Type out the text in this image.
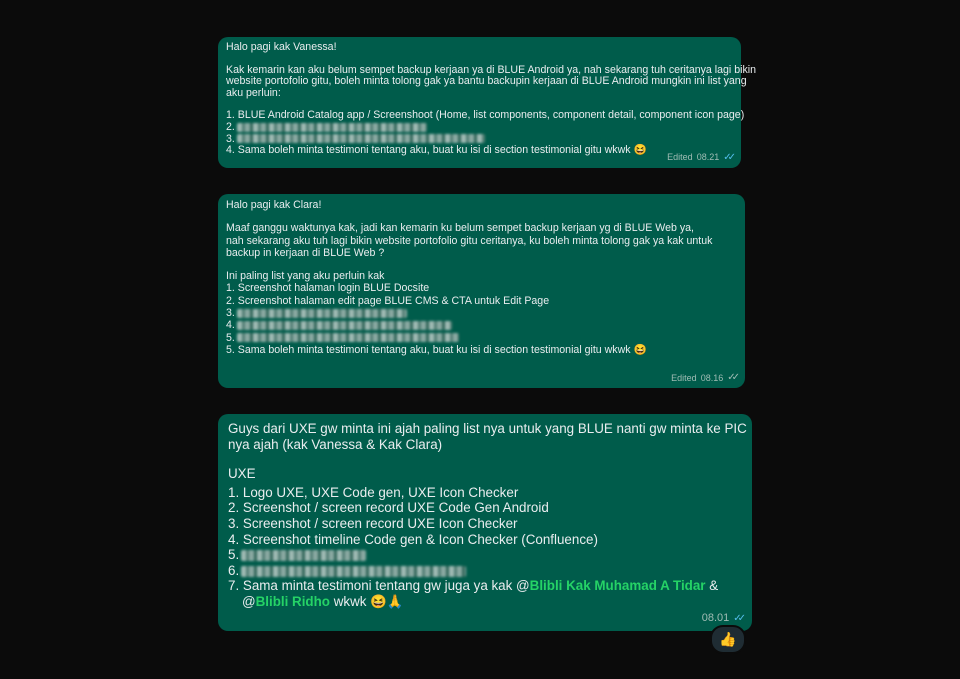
Halo pagi kak Vanessa!
Kak kemarin kan aku belum sempet backup kerjaan ya di BLUE Android ya, nah sekarang tuh ceritanya lagi bikin
website portofolio gitu, boleh minta tolong gak ya bantu backupin kerjaan di BLUE Android mungkin ini list yang
aku perluin:
1. BLUE Android Catalog app / Screenshoot (Home, list components, component detail, component icon page)
2.
3.
4. Sama boleh minta testimoni tentang aku, buat ku isi di section testimonial gitu wkwk 😆
Edited 08.21 ✓✓
Halo pagi kak Clara!
Maaf ganggu waktunya kak, jadi kan kemarin ku belum sempet backup kerjaan yg di BLUE Web ya,
nah sekarang aku tuh lagi bikin website portofolio gitu ceritanya, ku boleh minta tolong gak ya kak untuk
backup in kerjaan di BLUE Web ?
Ini paling list yang aku perluin kak
1. Screenshot halaman login BLUE Docsite
2. Screenshot halaman edit page BLUE CMS & CTA untuk Edit Page
3.
4.
5.
5. Sama boleh minta testimoni tentang aku, buat ku isi di section testimonial gitu wkwk 😆
Edited 08.16 ✓✓
Guys dari UXE gw minta ini ajah paling list nya untuk yang BLUE nanti gw minta ke PIC
nya ajah (kak Vanessa & Kak Clara)
UXE
1. Logo UXE, UXE Code gen, UXE Icon Checker
2. Screenshot / screen record UXE Code Gen Android
3. Screenshot / screen record UXE Icon Checker
4. Screenshot timeline Code gen & Icon Checker (Confluence)
5.
6.
7. Sama minta testimoni tentang gw juga ya kak @Blibli Kak Muhamad A Tidar &
@Blibli Ridho wkwk 😆🙏
08.01 ✓✓
👍
